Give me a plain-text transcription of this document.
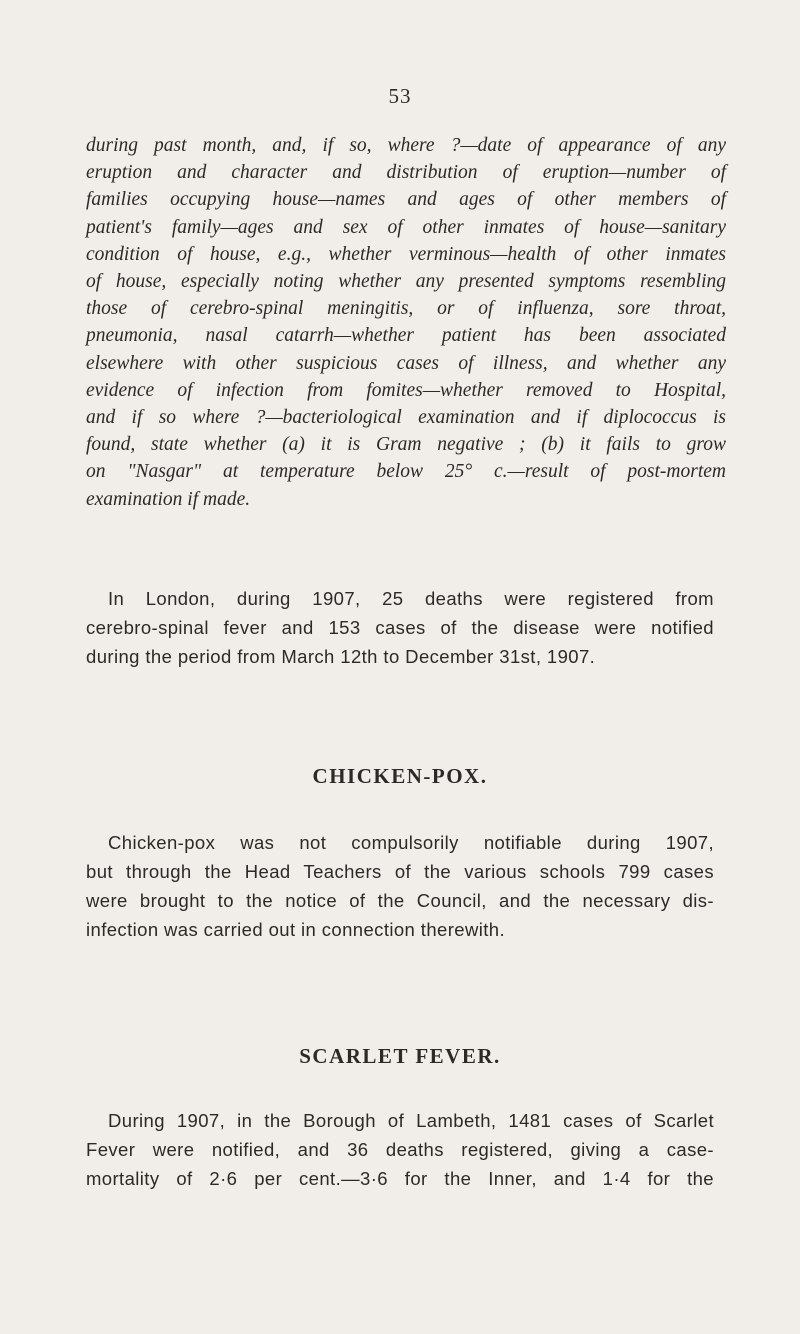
53
during past month, and, if so, where ?—date of appearance of any
eruption and character and distribution of eruption—number of
families occupying house—names and ages of other members of
patient's family—ages and sex of other inmates of house—sanitary
condition of house, e.g., whether verminous—health of other inmates
of house, especially noting whether any presented symptoms resembling
those of cerebro-spinal meningitis, or of influenza, sore throat,
pneumonia, nasal catarrh—whether patient has been associated
elsewhere with other suspicious cases of illness, and whether any
evidence of infection from fomites—whether removed to Hospital,
and if so where ?—bacteriological examination and if diplococcus is
found, state whether (a) it is Gram negative ; (b) it fails to grow
on "Nasgar" at temperature below 25° c.—result of post-mortem
examination if made.
In London, during 1907, 25 deaths were registered from
cerebro-spinal fever and 153 cases of the disease were notified
during the period from March 12th to December 31st, 1907.
CHICKEN-POX.
Chicken-pox was not compulsorily notifiable during 1907,
but through the Head Teachers of the various schools 799 cases
were brought to the notice of the Council, and the necessary dis-
infection was carried out in connection therewith.
SCARLET FEVER.
During 1907, in the Borough of Lambeth, 1481 cases of Scarlet
Fever were notified, and 36 deaths registered, giving a case-
mortality of 2·6 per cent.—3·6 for the Inner, and 1·4 for the
